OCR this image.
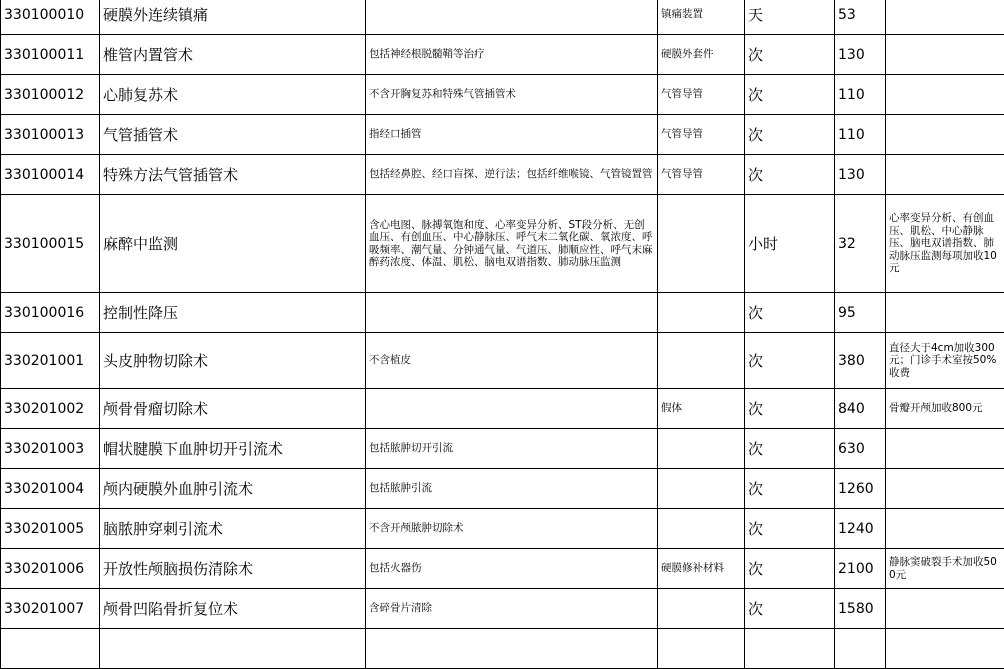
330100010	硬膜外连续镇痛		镇痛装置	天	53	
330100011	椎管内置管术	包括神经根脱髓鞘等治疗	硬膜外套件	次	130	
330100012	心肺复苏术	不含开胸复苏和特殊气管插管术	气管导管	次	110	
330100013	气管插管术	指经口插管	气管导管	次	110	
330100014	特殊方法气管插管术	包括经鼻腔、经口盲探、逆行法；包括纤维喉镜、气管镜置管	气管导管	次	130	
330100015	麻醉中监测	含心电图、脉搏氧饱和度、心率变异分析、ST段分析、无创血压、有创血压、中心静脉压、呼气末二氧化碳、氧浓度、呼吸频率、潮气量、分钟通气量、气道压、肺顺应性、呼气末麻醉药浓度、体温、肌松、脑电双谱指数、肺动脉压监测		小时	32	心率变异分析、有创血压、肌松、中心静脉压、脑电双谱指数、肺动脉压监测每项加收10元
330100016	控制性降压			次	95	
330201001	头皮肿物切除术	不含植皮		次	380	直径大于4cm加收300元；门诊手术室按50%收费
330201002	颅骨骨瘤切除术		假体	次	840	骨瓣开颅加收800元
330201003	帽状腱膜下血肿切开引流术	包括脓肿切开引流		次	630	
330201004	颅内硬膜外血肿引流术	包括脓肿引流		次	1260	
330201005	脑脓肿穿刺引流术	不含开颅脓肿切除术		次	1240	
330201006	开放性颅脑损伤清除术	包括火器伤	硬膜修补材料	次	2100	静脉窦破裂手术加收500元
330201007	颅骨凹陷骨折复位术	含碎骨片清除		次	1580	
